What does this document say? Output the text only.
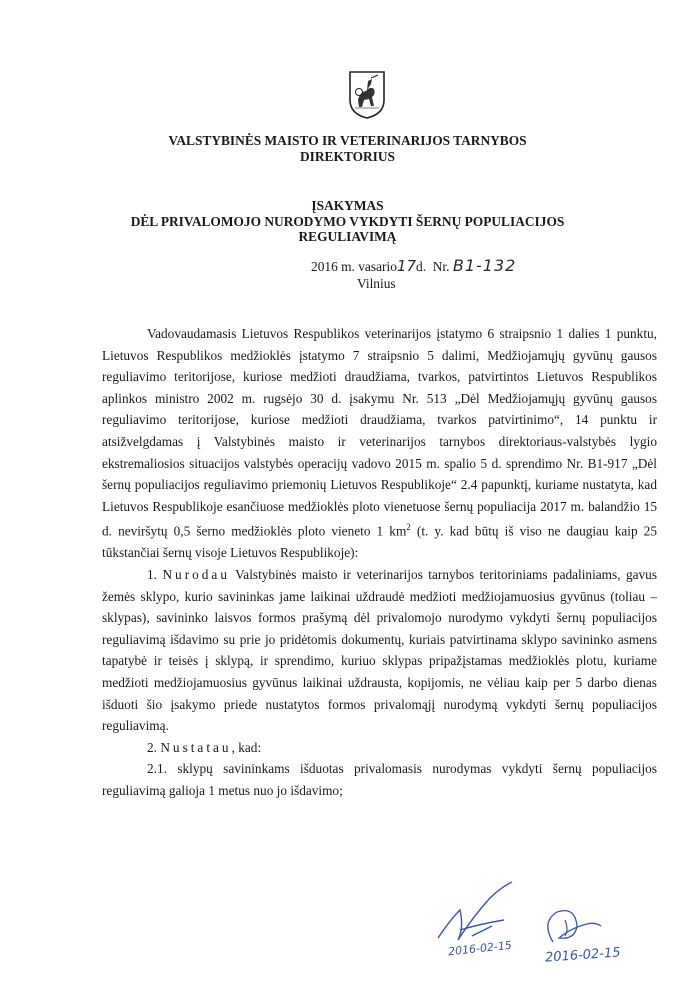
VALSTYBINĖS MAISTO IR VETERINARIJOS TARNYBOS
DIREKTORIUS
ĮSAKYMAS
DĖL PRIVALOMOJO NURODYMO VYKDYTI ŠERNŲ POPULIACIJOS
REGULIAVIMĄ
2016 m. vasario17d. Nr. B1-132
Vilnius

Vadovaudamasis Lietuvos Respublikos veterinarijos įstatymo 6 straipsnio 1 dalies 1 punktu, Lietuvos Respublikos medžioklės įstatymo 7 straipsnio 5 dalimi, Medžiojamųjų gyvūnų gausos reguliavimo teritorijose, kuriose medžioti draudžiama, tvarkos, patvirtintos Lietuvos Respublikos aplinkos ministro 2002 m. rugsėjo 30 d. įsakymu Nr. 513 „Dėl Medžiojamųjų gyvūnų gausos reguliavimo teritorijose, kuriose medžioti draudžiama, tvarkos patvirtinimo“, 14 punktu ir atsižvelgdamas į Valstybinės maisto ir veterinarijos tarnybos direktoriaus-valstybės lygio ekstremaliosios situacijos valstybės operacijų vadovo 2015 m. spalio 5 d. sprendimo Nr. B1-917 „Dėl šernų populiacijos reguliavimo priemonių Lietuvos Respublikoje“ 2.4 papunktį, kuriame nustatyta, kad Lietuvos Respublikoje esančiuose medžioklės ploto vienetuose šernų populiacija 2017 m. balandžio 15 d. neviršytų 0,5 šerno medžioklės ploto vieneto 1 $km^2$ (t. y. kad būtų iš viso ne daugiau kaip 25 tūkstančiai šernų visoje Lietuvos Respublikoje):

1. Nurodau Valstybinės maisto ir veterinarijos tarnybos teritoriniams padaliniams, gavus žemės sklypo, kurio savininkas jame laikinai uždraudė medžioti medžiojamuosius gyvūnus (toliau – sklypas), savininko laisvos formos prašymą dėl privalomojo nurodymo vykdyti šernų populiacijos reguliavimą išdavimo su prie jo pridėtomis dokumentų, kuriais patvirtinama sklypo savininko asmens tapatybė ir teisės į sklypą, ir sprendimo, kuriuo sklypas pripažįstamas medžioklės plotu, kuriame medžioti medžiojamuosius gyvūnus laikinai uždrausta, kopijomis, ne vėliau kaip per 5 darbo dienas išduoti šio įsakymo priede nustatytos formos privalomąjį nurodymą vykdyti šernų populiacijos reguliavimą.

2. Nustatau, kad:

2.1. sklypų savininkams išduotas privalomasis nurodymas vykdyti šernų populiacijos reguliavimą galioja 1 metus nuo jo išdavimo;

2016-02-15 2016-02-15
